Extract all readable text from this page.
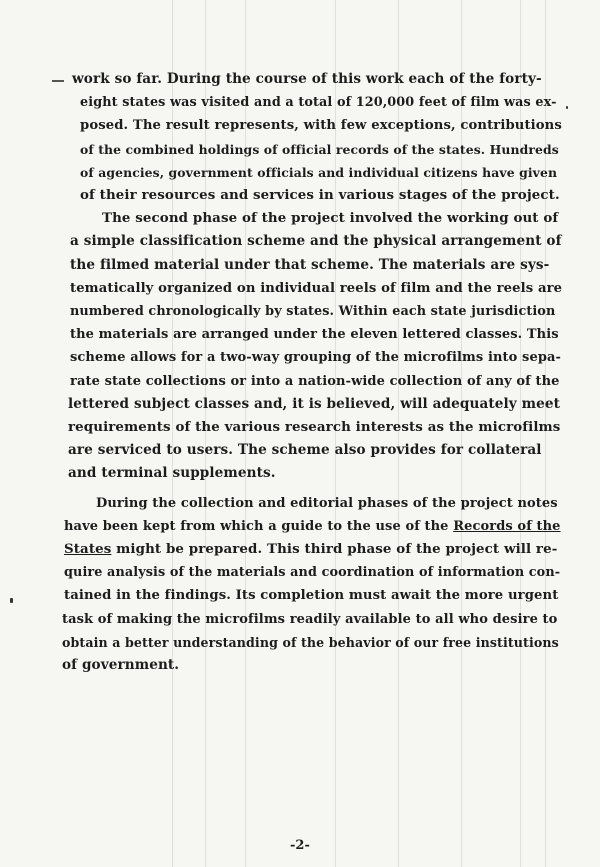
work so far. During the course of this work each of the forty-
eight states was visited and a total of 120,000 feet of film was ex-
posed. The result represents, with few exceptions, contributions
of the combined holdings of official records of the states. Hundreds
of agencies, government officials and individual citizens have given
of their resources and services in various stages of the project.

The second phase of the project involved the working out of
a simple classification scheme and the physical arrangement of
the filmed material under that scheme. The materials are sys-
tematically organized on individual reels of film and the reels are
numbered chronologically by states. Within each state jurisdiction
the materials are arranged under the eleven lettered classes. This
scheme allows for a two-way grouping of the microfilms into sepa-
rate state collections or into a nation-wide collection of any of the
lettered subject classes and, it is believed, will adequately meet
requirements of the various research interests as the microfilms
are serviced to users. The scheme also provides for collateral
and terminal supplements.

During the collection and editorial phases of the project notes
have been kept from which a guide to the use of the Records of the
States might be prepared. This third phase of the project will re-
quire analysis of the materials and coordination of information con-
tained in the findings. Its completion must await the more urgent
task of making the microfilms readily available to all who desire to
obtain a better understanding of the behavior of our free institutions
of government.

-2-
